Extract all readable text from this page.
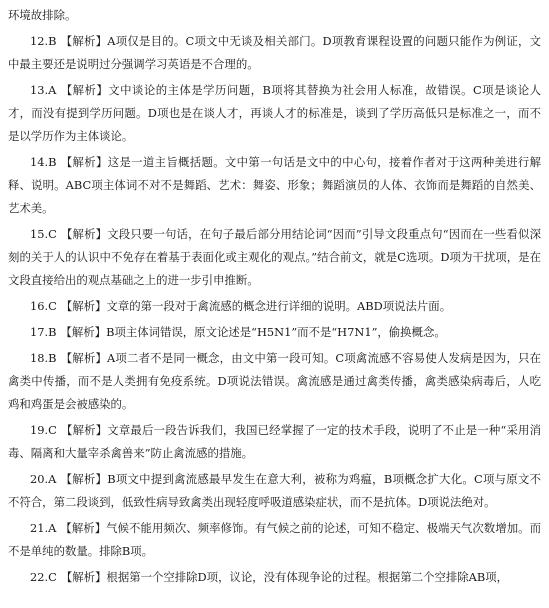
环境故排除。

12.B 【解析】A项仅是目的。C项文中无谈及相关部门。D项教育课程设置的问题只能作为例证，文中最主要还是说明过分强调学习英语是不合理的。

13.A 【解析】文中谈论的主体是学历问题，B项将其替换为社会用人标准，故错误。C项是谈论人才，而没有提到学历问题。D项也是在谈人才，再谈人才的标准是，谈到了学历高低只是标准之一，而不是以学历作为主体谈论。

14.B 【解析】这是一道主旨概括题。文中第一句话是文中的中心句，接着作者对于这两种美进行解释、说明。ABC项主体词不对不是舞蹈、艺术：舞姿、形象；舞蹈演员的人体、衣饰而是舞蹈的自然美、艺术美。

15.C 【解析】文段只要一句话，在句子最后部分用结论词“因而”引导文段重点句“因而在一些看似深刻的关于人的认识中不免存在着基于表面化或主观化的观点。”结合前文，就是C选项。D项为干扰项，是在文段直接给出的观点基础之上的进一步引申推断。

16.C 【解析】文章的第一段对于禽流感的概念进行详细的说明。ABD项说法片面。

17.B 【解析】B项主体词错误，原文论述是“H5N1”而不是“H7N1”，偷换概念。

18.B 【解析】A项二者不是同一概念，由文中第一段可知。C项禽流感不容易使人发病是因为，只在禽类中传播，而不是人类拥有免疫系统。D项说法错误。禽流感是通过禽类传播，禽类感染病毒后，人吃鸡和鸡蛋是会被感染的。

19.C 【解析】文章最后一段告诉我们，我国已经掌握了一定的技术手段，说明了不止是一种“采用消毒、隔离和大量宰杀禽兽来”防止禽流感的措施。

20.A 【解析】B项文中提到禽流感最早发生在意大利，被称为鸡瘟，B项概念扩大化。C项与原文不不符合，第二段谈到，低致性病导致禽类出现轻度呼吸道感染症状，而不是抗体。D项说法绝对。

21.A 【解析】气候不能用频次、频率修饰。有气候之前的论述，可知不稳定、极端天气次数增加。而不是单纯的数量。排除B项。

22.C 【解析】根据第一个空排除D项，议论，没有体现争论的过程。根据第二个空排除AB项，
